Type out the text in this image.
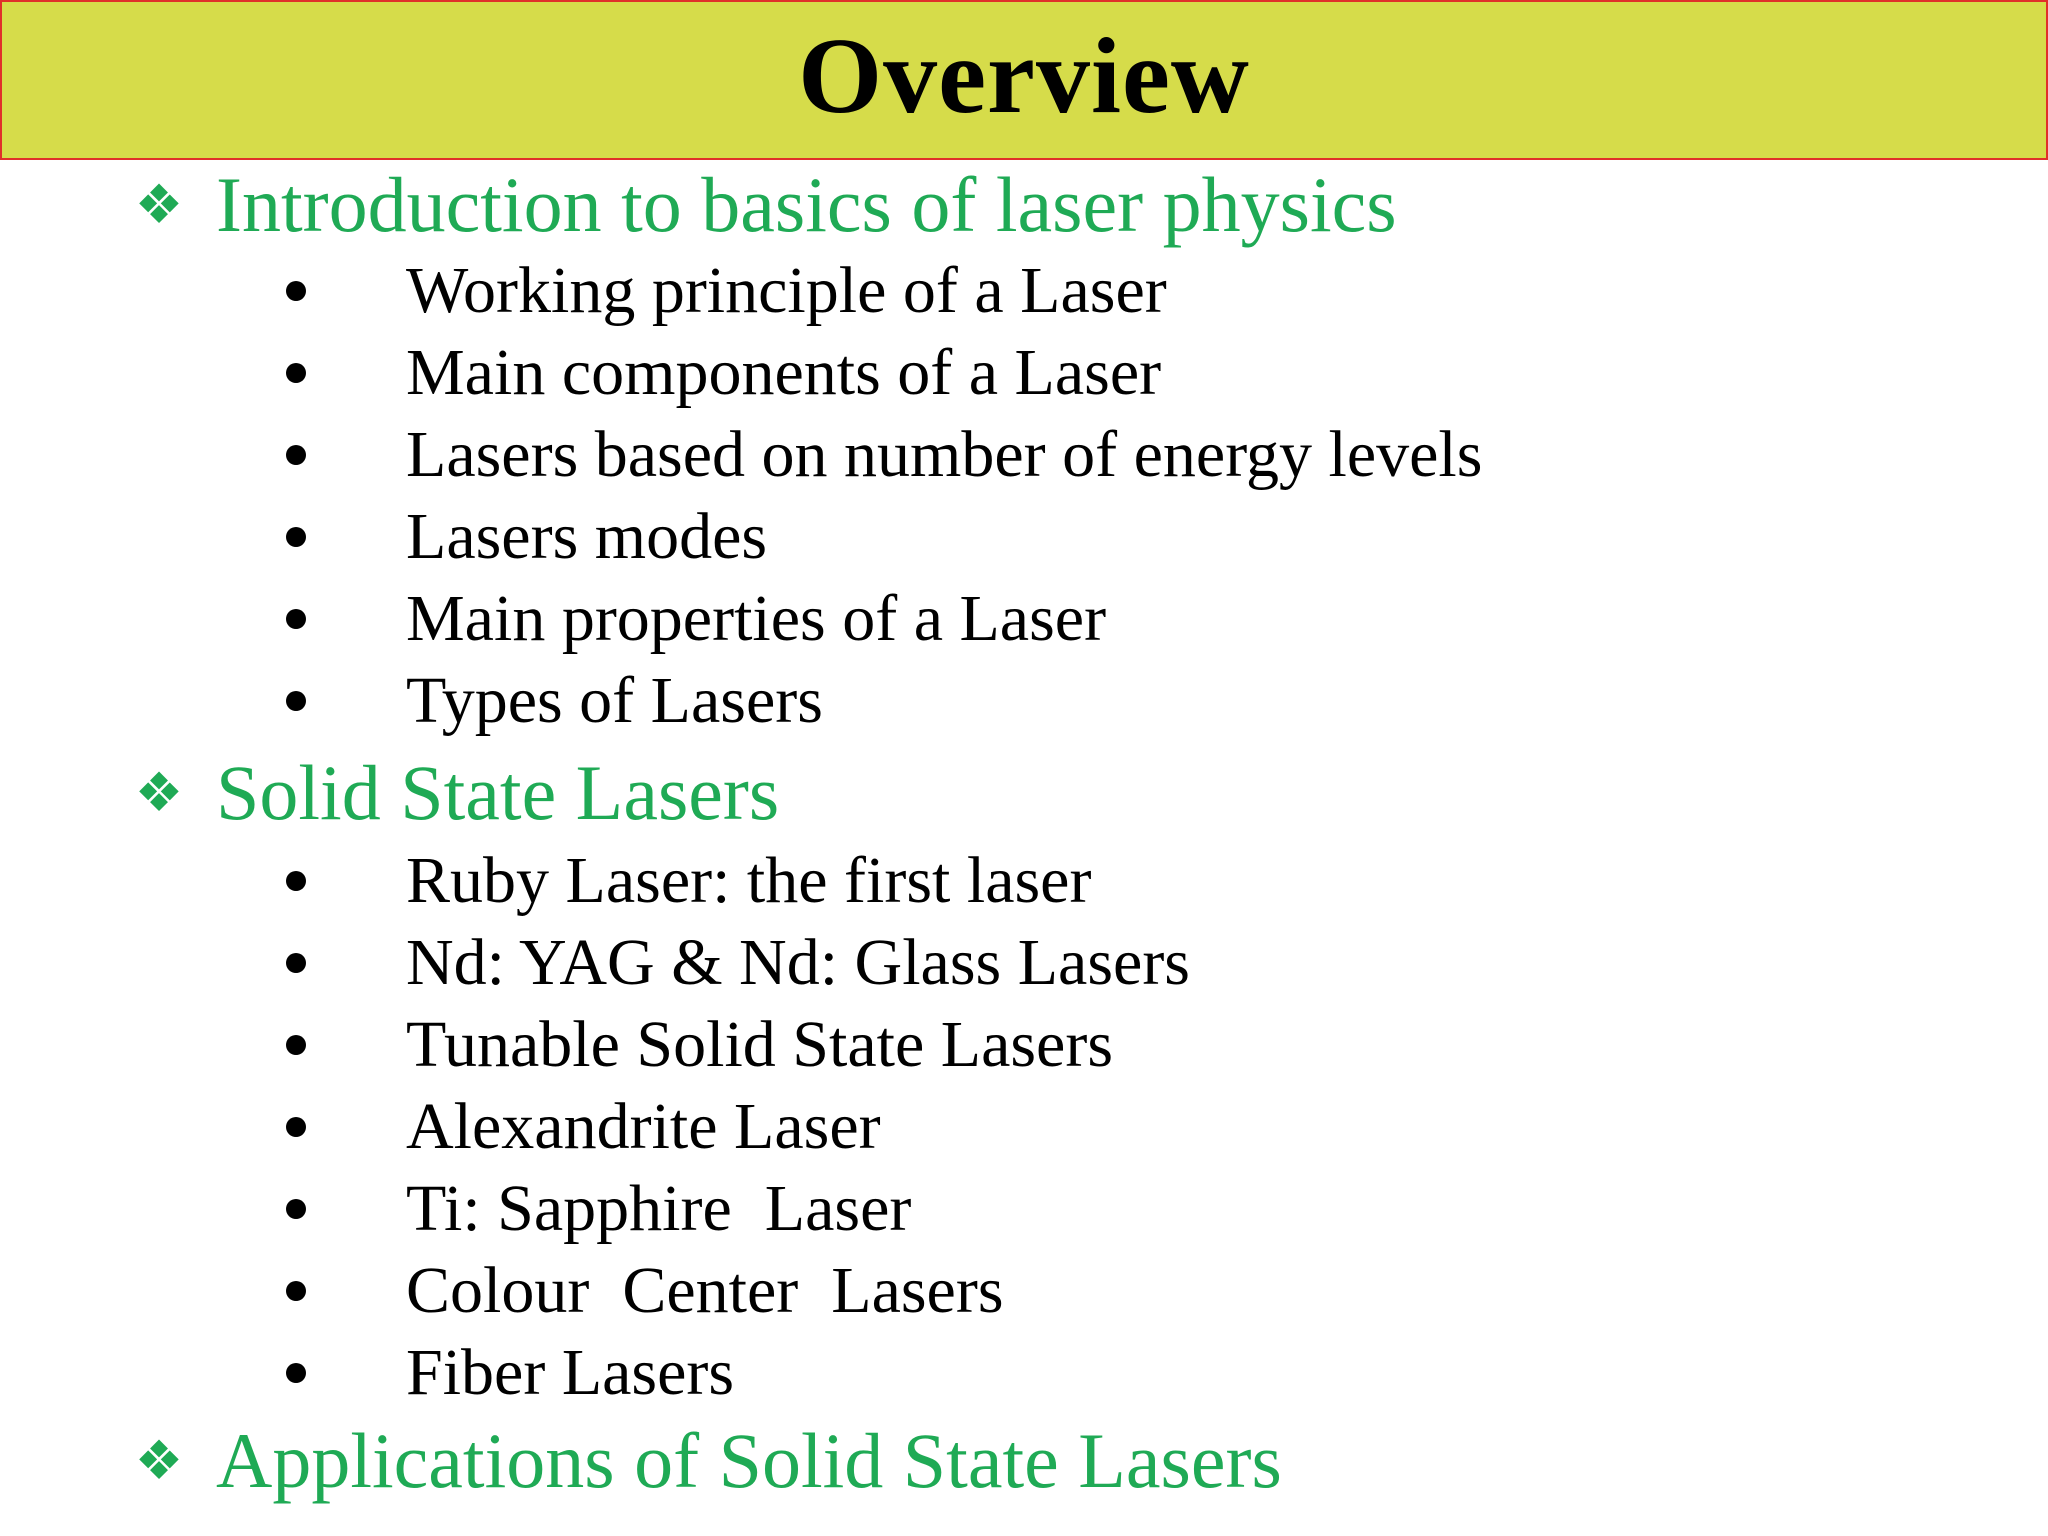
Overview
❖ Introduction to basics of laser physics
Working principle of a Laser
Main components of a Laser
Lasers based on number of energy levels
Lasers modes
Main properties of a Laser
Types of Lasers
❖ Solid State Lasers
Ruby Laser: the first laser
Nd: YAG & Nd: Glass Lasers
Tunable Solid State Lasers
Alexandrite Laser
Ti: Sapphire  Laser
Colour  Center  Lasers
Fiber Lasers
❖ Applications of Solid State Lasers
